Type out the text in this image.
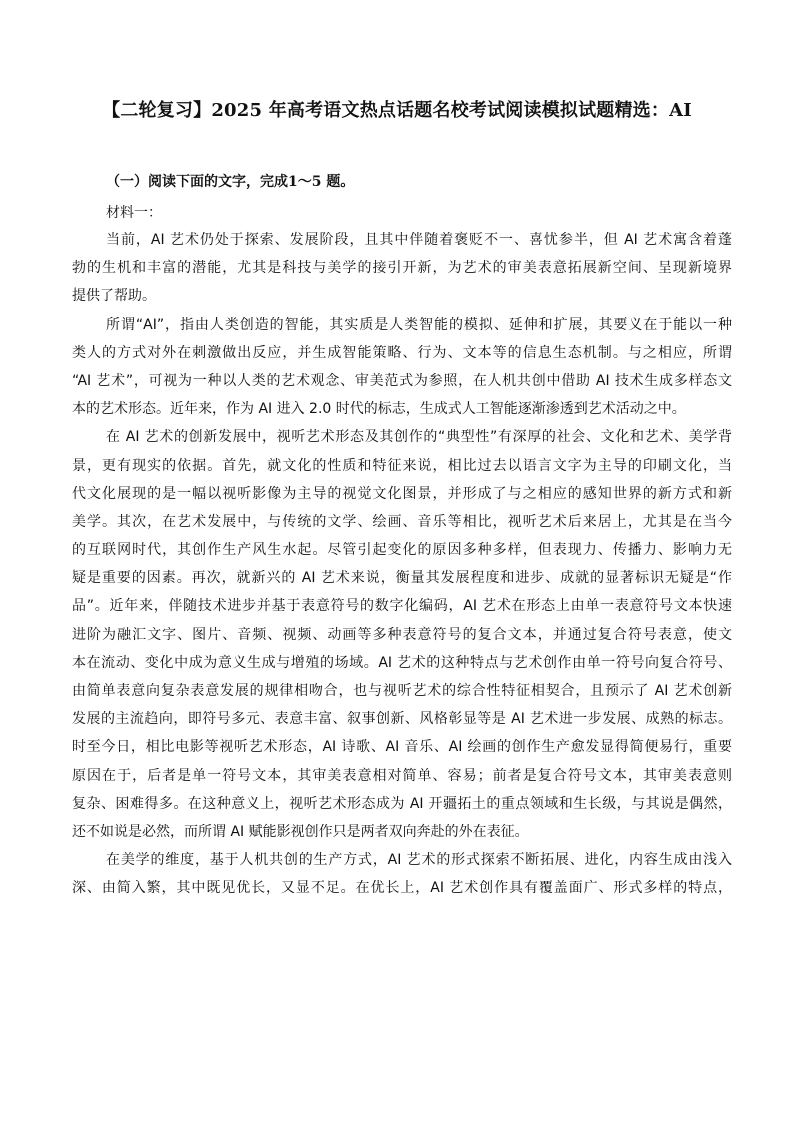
【二轮复习】2025 年高考语文热点话题名校考试阅读模拟试题精选：AI
（一）阅读下面的文字，完成1～5 题。
材料一：
当前，AI 艺术仍处于探索、发展阶段，且其中伴随着褒贬不一、喜忧参半，但 AI 艺术寓含着蓬
勃的生机和丰富的潜能，尤其是科技与美学的接引开新，为艺术的审美表意拓展新空间、呈现新境界
提供了帮助。
所谓“AI”，指由人类创造的智能，其实质是人类智能的模拟、延伸和扩展，其要义在于能以一种
类人的方式对外在刺激做出反应，并生成智能策略、行为、文本等的信息生态机制。与之相应，所谓
“AI 艺术”，可视为一种以人类的艺术观念、审美范式为参照，在人机共创中借助 AI 技术生成多样态文
本的艺术形态。近年来，作为 AI 进入 2.0 时代的标志，生成式人工智能逐渐渗透到艺术活动之中。
在 AI 艺术的创新发展中，视听艺术形态及其创作的“典型性”有深厚的社会、文化和艺术、美学背
景，更有现实的依据。首先，就文化的性质和特征来说，相比过去以语言文字为主导的印刷文化，当
代文化展现的是一幅以视听影像为主导的视觉文化图景，并形成了与之相应的感知世界的新方式和新
美学。其次，在艺术发展中，与传统的文学、绘画、音乐等相比，视听艺术后来居上，尤其是在当今
的互联网时代，其创作生产风生水起。尽管引起变化的原因多种多样，但表现力、传播力、影响力无
疑是重要的因素。再次，就新兴的 AI 艺术来说，衡量其发展程度和进步、成就的显著标识无疑是“作
品”。近年来，伴随技术进步并基于表意符号的数字化编码，AI 艺术在形态上由单一表意符号文本快速
进阶为融汇文字、图片、音频、视频、动画等多种表意符号的复合文本，并通过复合符号表意，使文
本在流动、变化中成为意义生成与增殖的场域。AI 艺术的这种特点与艺术创作由单一符号向复合符号、
由简单表意向复杂表意发展的规律相吻合，也与视听艺术的综合性特征相契合，且预示了 AI 艺术创新
发展的主流趋向，即符号多元、表意丰富、叙事创新、风格彰显等是 AI 艺术进一步发展、成熟的标志。
时至今日，相比电影等视听艺术形态，AI 诗歌、AI 音乐、AI 绘画的创作生产愈发显得简便易行，重要
原因在于，后者是单一符号文本，其审美表意相对简单、容易；前者是复合符号文本，其审美表意则
复杂、困难得多。在这种意义上，视听艺术形态成为 AI 开疆拓土的重点领域和生长级，与其说是偶然，
还不如说是必然，而所谓 AI 赋能影视创作只是两者双向奔赴的外在表征。
在美学的维度，基于人机共创的生产方式，AI 艺术的形式探索不断拓展、进化，内容生成由浅入
深、由简入繁，其中既见优长，又显不足。在优长上，AI 艺术创作具有覆盖面广、形式多样的特点，
